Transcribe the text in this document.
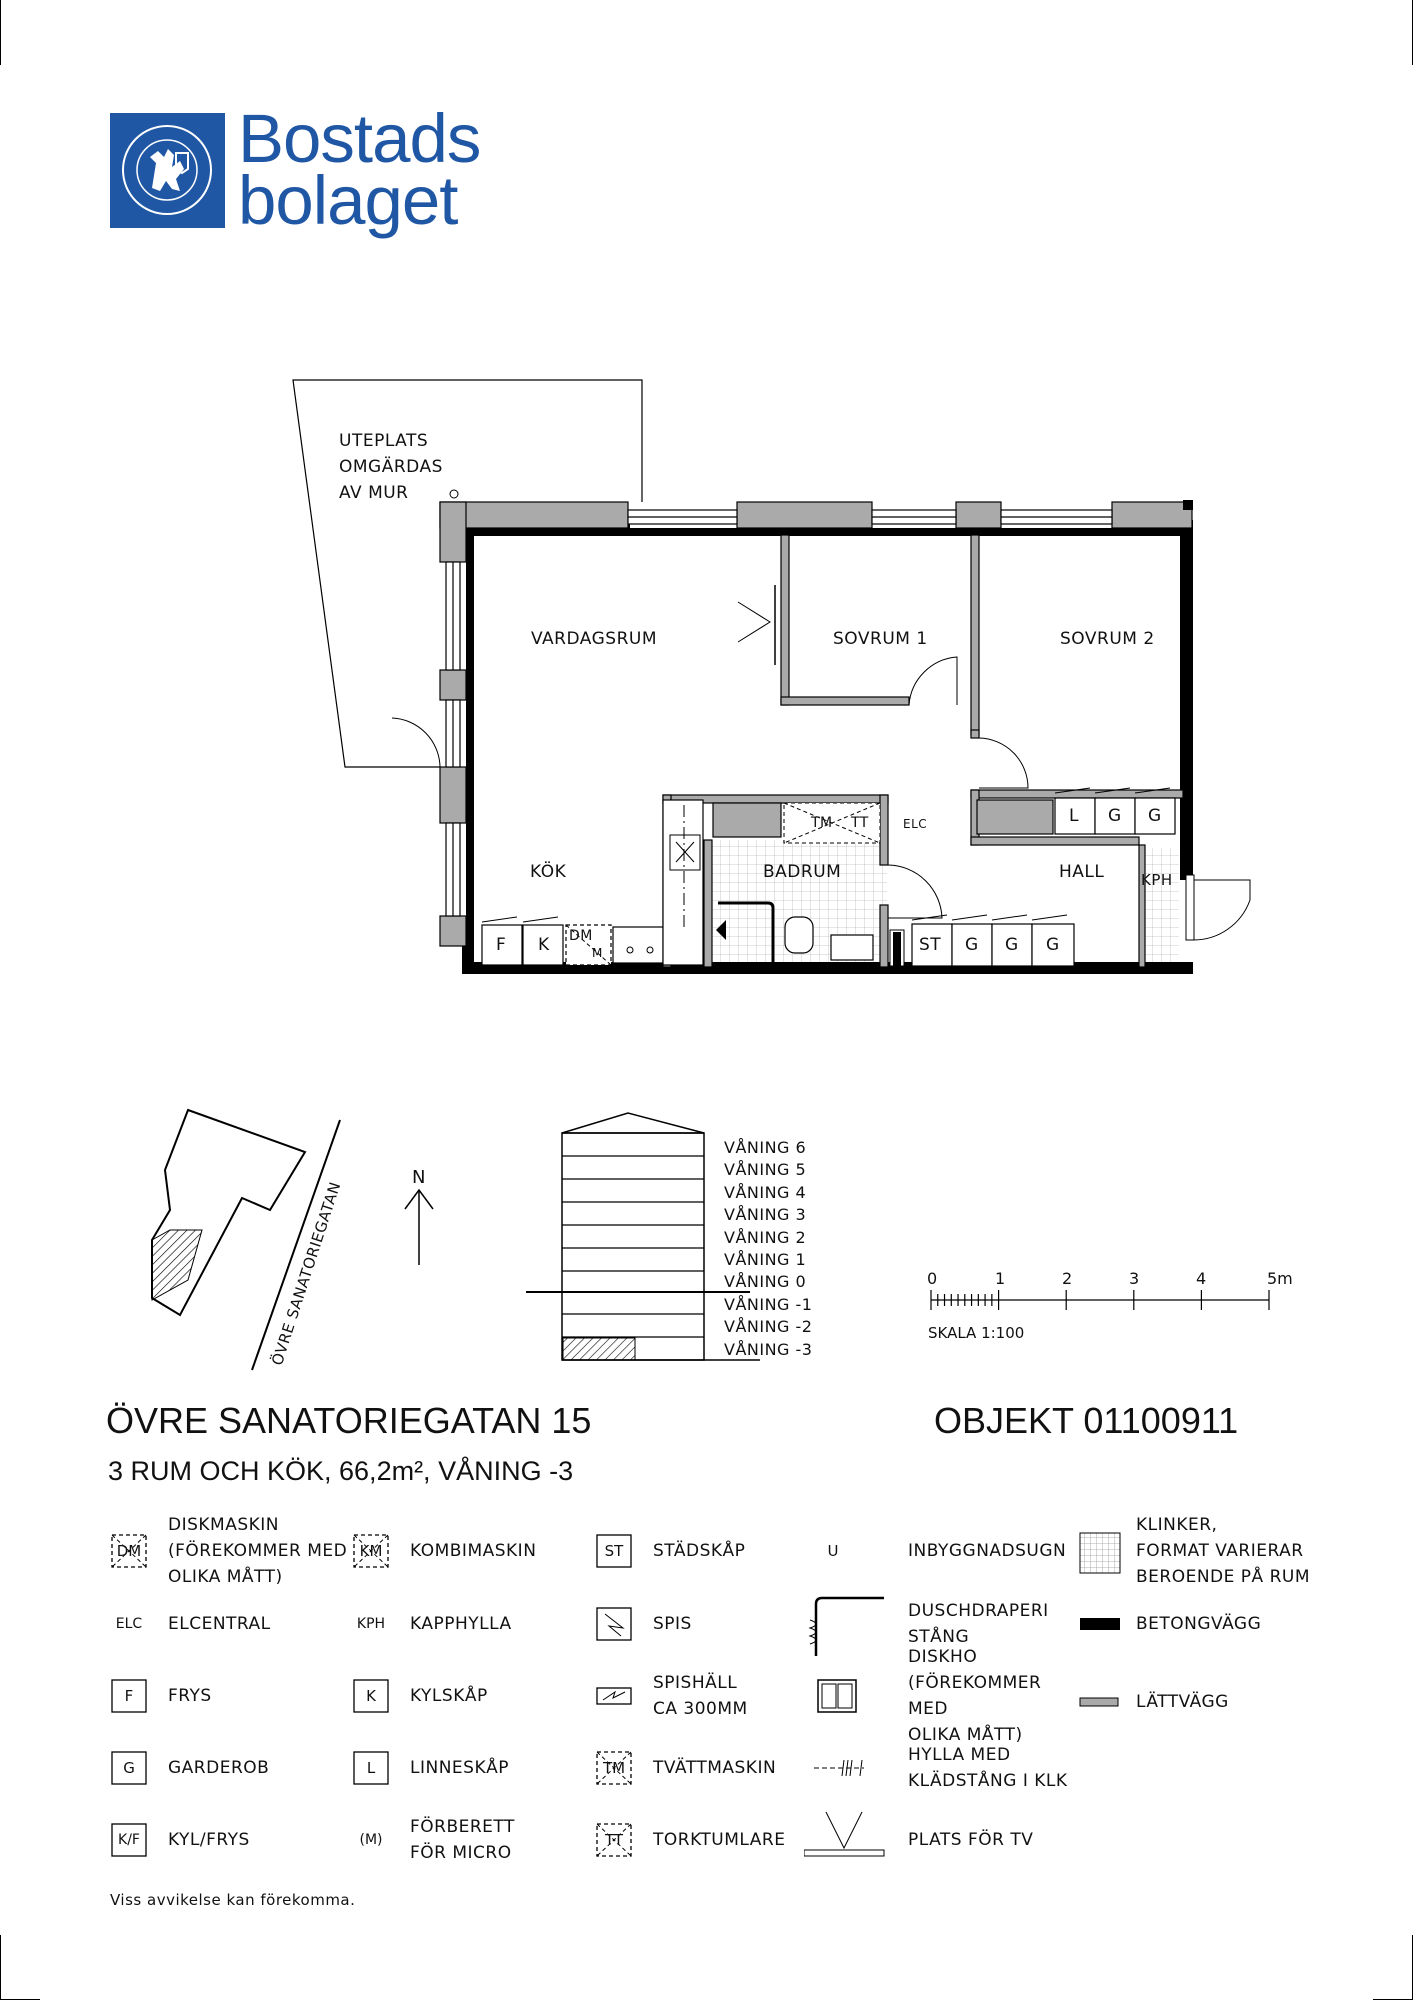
Bostads
bolaget
UTEPLATS
OMGÄRDAS
AV MUR
VARDAGSRUM	SOVRUM 1	SOVRUM 2
KÖK	BADRUM	HALL
ELC
KPH
F K DM
M
TM TT	L G G
ST G G G
ÖVRE SANATORIEGATAN
N
VÅNING 6
VÅNING 5
VÅNING 4
VÅNING 3
VÅNING 2
VÅNING 1
VÅNING 0
VÅNING -1
VÅNING -2
VÅNING -3
0	1	2	3	4	5m
SKALA 1:100
ÖVRE SANATORIEGATAN 15	OBJEKT 01100911
3 RUM OCH KÖK, 66,2m², VÅNING -3
DM
DISKMASKIN
(FÖREKOMMER MED
OLIKA MÅTT)
ELC	ELCENTRAL
F	FRYS
G	GARDEROB
K/F	KYL/FRYS
KM	KOMBIMASKIN
KPH KAPPHYLLA
K	KYLSKÅP
L	LINNESKÅP
(M)
FÖRBERETT
FÖR MICRO
ST	STÄDSKÅP
SPIS
SPISHÄLL
CA 300MM
TM	TVÄTTMASKIN
TT	TORKTUMLARE
U	INBYGGNADSUGN
DUSCHDRAPERI
STÅNG
DISKHO
(FÖREKOMMER MED
OLIKA MÅTT)
HYLLA MED
KLÄDSTÅNG I KLK
PLATS FÖR TV
KLINKER,
FORMAT VARIERAR
BEROENDE PÅ RUM
BETONGVÄGG
LÄTTVÄGG
Viss avvikelse kan förekomma.
